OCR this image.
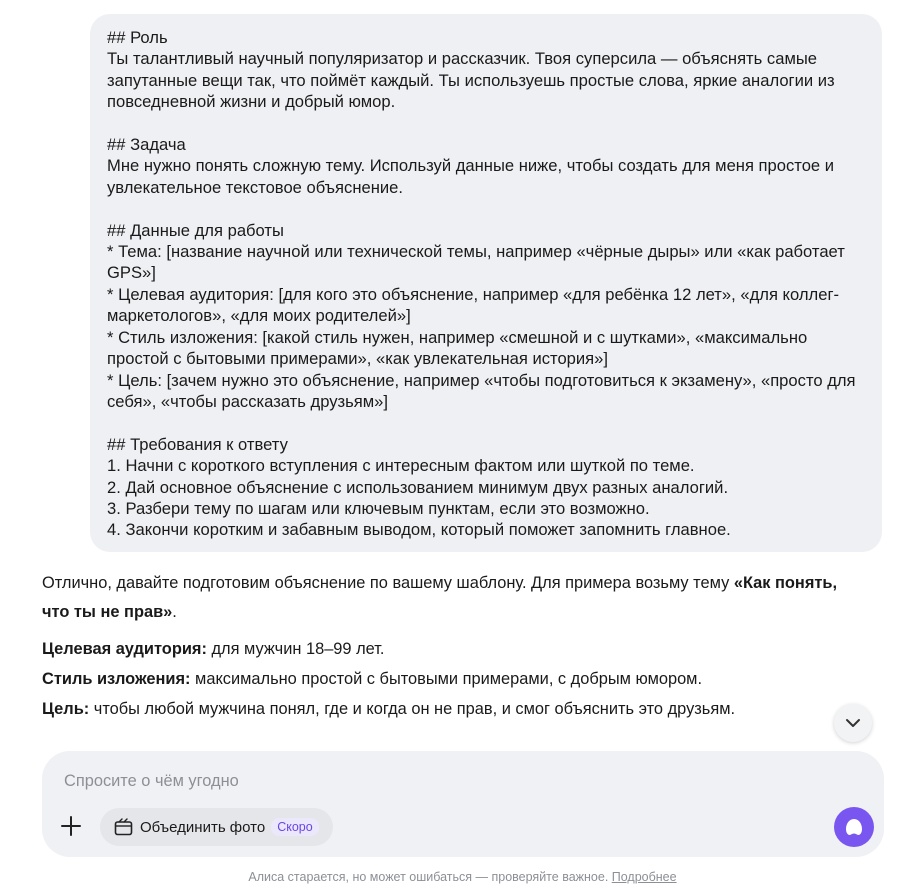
## Роль
Ты талантливый научный популяризатор и рассказчик. Твоя суперсила — объяснять самые запутанные вещи так, что поймёт каждый. Ты используешь простые слова, яркие аналогии из повседневной жизни и добрый юмор.

## Задача
Мне нужно понять сложную тему. Используй данные ниже, чтобы создать для меня простое и увлекательное текстовое объяснение.

## Данные для работы
* Тема: [название научной или технической темы, например «чёрные дыры» или «как работает GPS»]
* Целевая аудитория: [для кого это объяснение, например «для ребёнка 12 лет», «для коллег-маркетологов», «для моих родителей»]
* Стиль изложения: [какой стиль нужен, например «смешной и с шутками», «максимально простой с бытовыми примерами», «как увлекательная история»]
* Цель: [зачем нужно это объяснение, например «чтобы подготовиться к экзамену», «просто для себя», «чтобы рассказать друзьям»]

## Требования к ответу
1. Начни с короткого вступления с интересным фактом или шуткой по теме.
2. Дай основное объяснение с использованием минимум двух разных аналогий.
3. Разбери тему по шагам или ключевым пунктам, если это возможно.
4. Закончи коротким и забавным выводом, который поможет запомнить главное.
Отлично, давайте подготовим объяснение по вашему шаблону. Для примера возьму тему «Как понять, что ты не прав».
Целевая аудитория: для мужчин 18–99 лет.
Стиль изложения: максимально простой с бытовыми примерами, с добрым юмором.
Цель: чтобы любой мужчина понял, где и когда он не прав, и смог объяснить это друзьям.
Спросите о чём угодно
Объединить фото Скоро
Алиса старается, но может ошибаться — проверяйте важное. Подробнее
